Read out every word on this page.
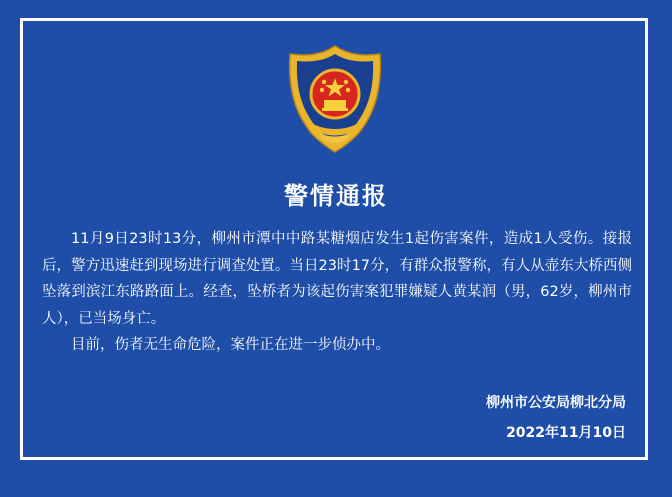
警情通报

11月9日23时13分，柳州市潭中中路某糖烟店发生1起伤害案件，造成1人受伤。接报后，警方迅速赶到现场进行调查处置。当日23时17分，有群众报警称，有人从壶东大桥西侧坠落到滨江东路路面上。经查，坠桥者为该起伤害案犯罪嫌疑人黄某润（男，62岁，柳州市人），已当场身亡。

目前，伤者无生命危险，案件正在进一步侦办中。

柳州市公安局柳北分局
2022年11月10日
